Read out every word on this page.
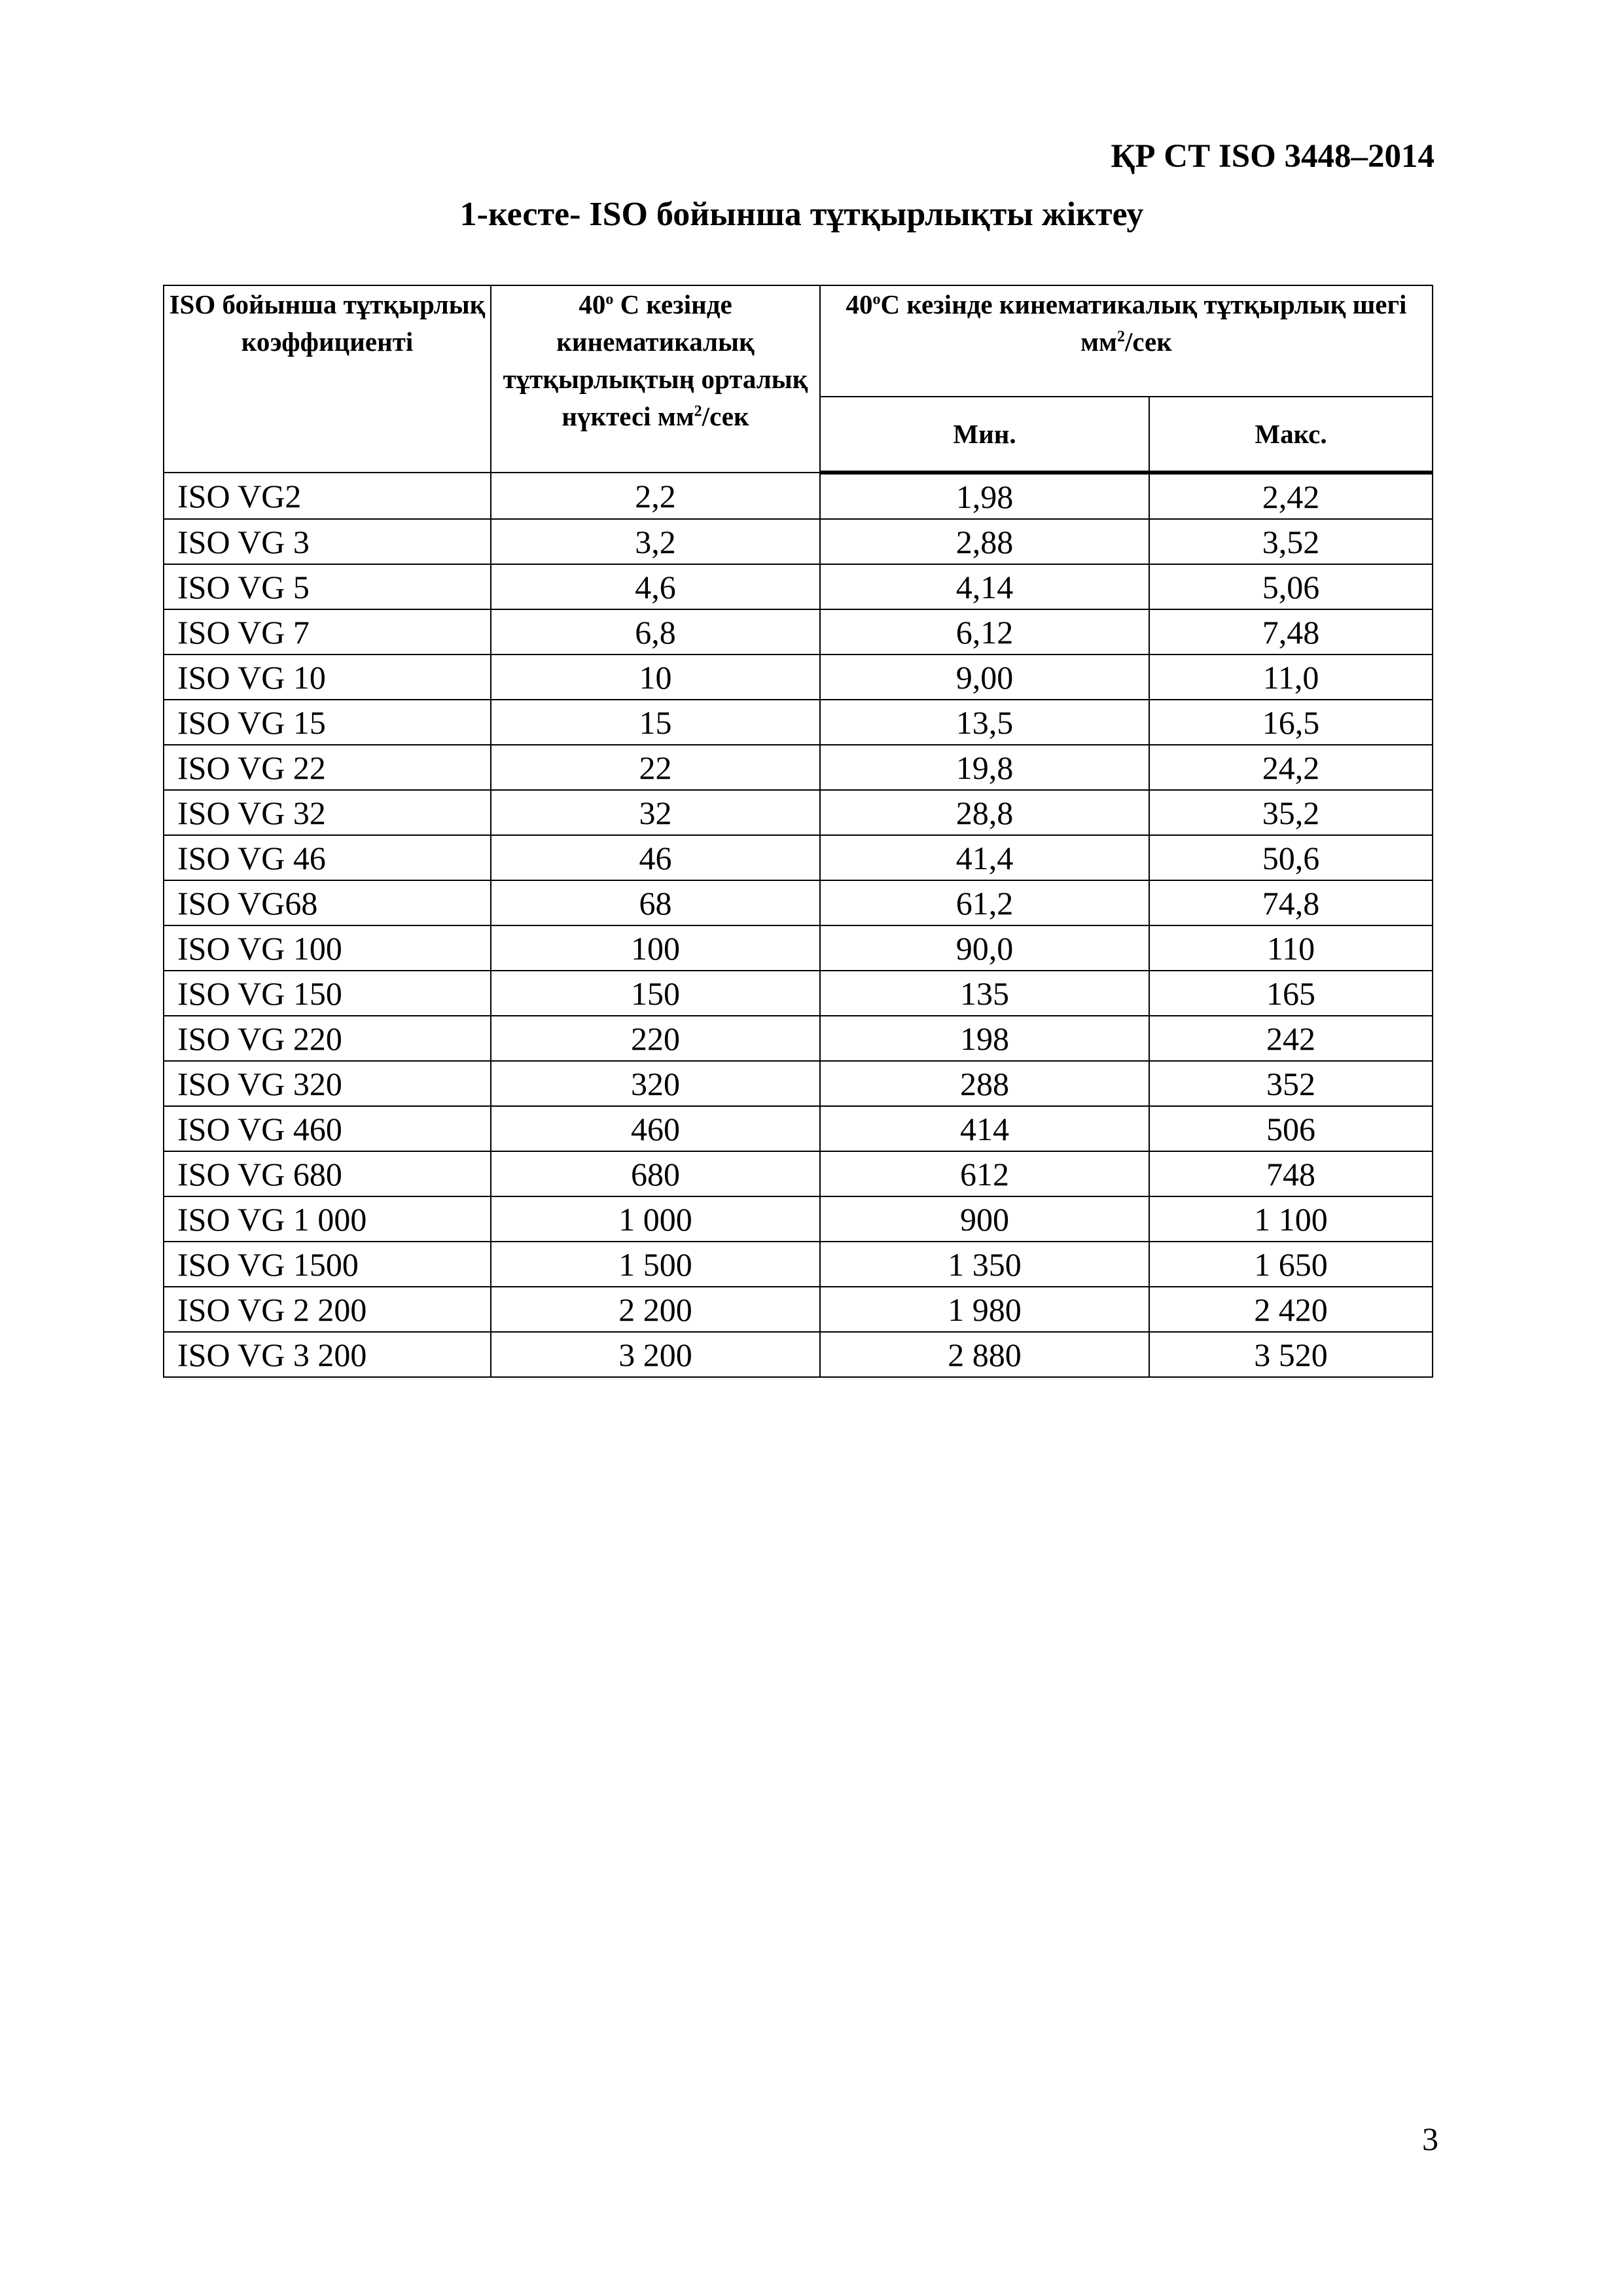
ҚР СТ ISO 3448–2014
1-кесте- ISO бойынша тұтқырлықты жіктеу
ISO бойынша тұтқырлық коэффициенті	$40^о$ С кезінде кинематикалық тұтқырлықтың орталық нүктесі $мм^2$/сек	$40^оС$ кезінде кинематикалық тұтқырлық шегі $мм^2$/сек	
		Мин.	Макс.
ISO VG2	2,2	1,98	2,42
ISO VG 3	3,2	2,88	3,52
ISO VG 5	4,6	4,14	5,06
ISO VG 7	6,8	6,12	7,48
ISO VG 10	10	9,00	11,0
ISO VG 15	15	13,5	16,5
ISO VG 22	22	19,8	24,2
ISO VG 32	32	28,8	35,2
ISO VG 46	46	41,4	50,6
ISO VG68	68	61,2	74,8
ISO VG 100	100	90,0	110
ISO VG 150	150	135	165
ISO VG 220	220	198	242
ISO VG 320	320	288	352
ISO VG 460	460	414	506
ISO VG 680	680	612	748
ISO VG 1 000	1 000	900	1 100
ISO VG 1500	1 500	1 350	1 650
ISO VG 2 200	2 200	1 980	2 420
ISO VG 3 200	3 200	2 880	3 520
3
